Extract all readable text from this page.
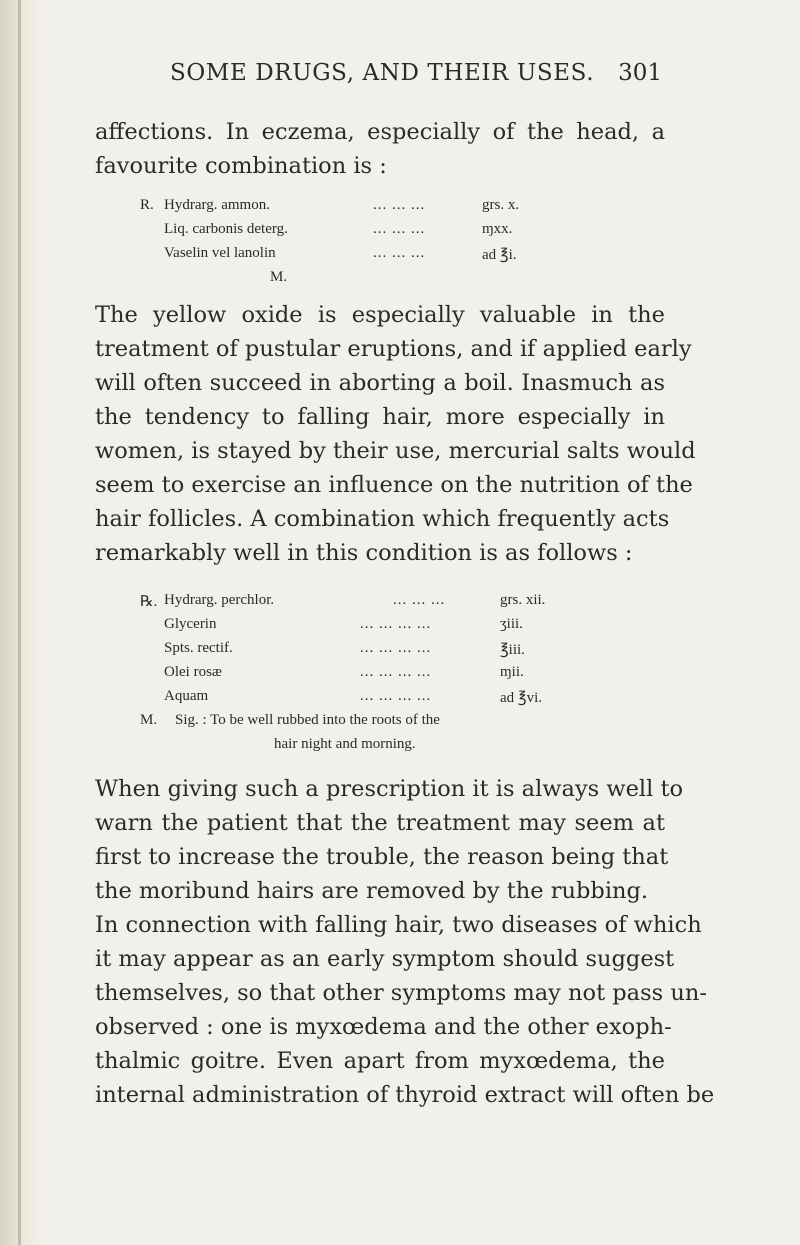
SOME DRUGS, AND THEIR USES. 301

affections. In eczema, especially of the head, a
favourite combination is :

R. Hydrarg. ammon.	... ... ...	grs. x.
Liq. carbonis deterg.	... ... ...	ɱxx.
Vaselin vel lanolin	... ... ...	ad ℥i.
M.

The yellow oxide is especially valuable in the
treatment of pustular eruptions, and if applied early
will often succeed in aborting a boil. Inasmuch as
the tendency to falling hair, more especially in
women, is stayed by their use, mercurial salts would
seem to exercise an influence on the nutrition of the
hair follicles. A combination which frequently acts
remarkably well in this condition is as follows :

℞. Hydrarg. perchlor.	... ... ...	grs. xii.
Glycerin	... ... ... ...	ʒiii.
Spts. rectif.	... ... ... ...	℥iii.
Olei rosæ	... ... ... ...	ɱii.
Aquam	... ... ... ...	ad ℥vi.
M. Sig. : To be well rubbed into the roots of the
hair night and morning.

When giving such a prescription it is always well to
warn the patient that the treatment may seem at
first to increase the trouble, the reason being that
the moribund hairs are removed by the rubbing.

In connection with falling hair, two diseases of which
it may appear as an early symptom should suggest
themselves, so that other symptoms may not pass un-
observed : one is myxœdema and the other exoph-
thalmic goitre. Even apart from myxœdema, the
internal administration of thyroid extract will often be
